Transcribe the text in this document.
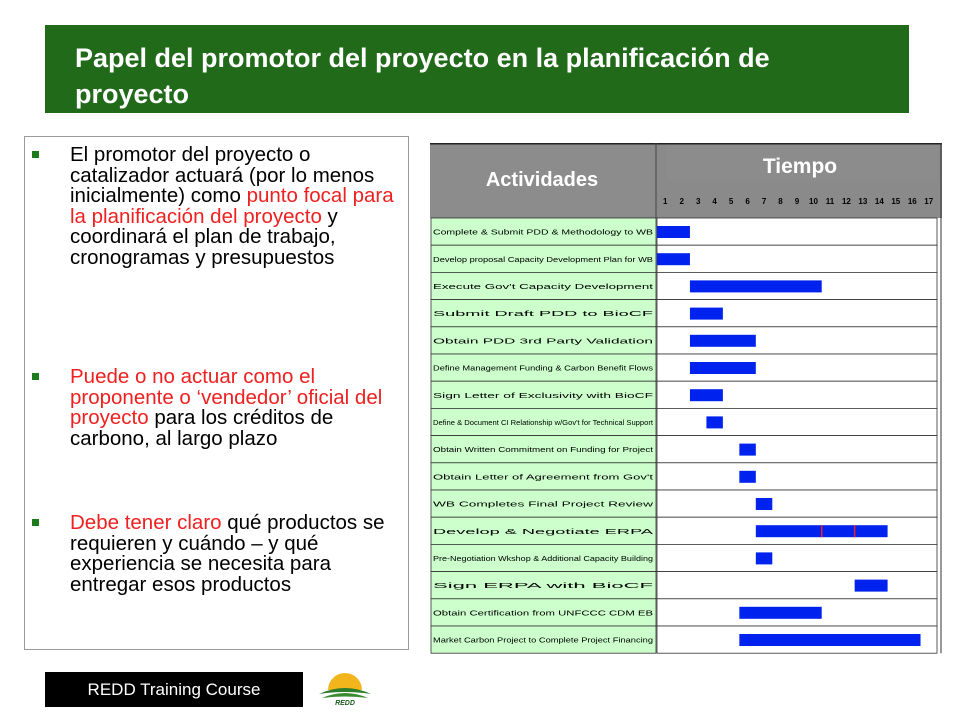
Papel del promotor del proyecto en la planificación de proyecto
El promotor del proyecto o catalizador actuará (por lo menos inicialmente) como punto focal para la planificación del proyecto y coordinará el plan de trabajo, cronogramas y presupuestos
Puede o no actuar como el proponente o ‘vendedor’ oficial del proyecto para los créditos de carbono, al largo plazo
Debe tener claro qué productos se requieren y cuándo – y qué experiencia se necesita para entregar esos productos
Actividades
Tiempo
1 2 3 4 5 6 7 8 9 10 11 12 13 14 15 16 17
Complete & Submit PDD & Methodology to WB
Develop proposal Capacity Development Plan for WB
Execute Gov't Capacity Development
Submit Draft PDD to BioCF
Obtain PDD 3rd Party Validation
Define Management Funding & Carbon Benefit Flows
Sign Letter of Exclusivity with BioCF
Define & Document CI Relationship w/Gov't for Technical Support
Obtain Written Commitment on Funding for Project
Obtain Letter of Agreement from Gov't
WB Completes Final Project Review
Develop & Negotiate ERPA
Pre-Negotiation Wkshop & Additional Capacity Building
Sign ERPA with BioCF
Obtain Certification from UNFCCC CDM EB
Market Carbon Project to Complete Project Financing
REDD Training Course
REDD
